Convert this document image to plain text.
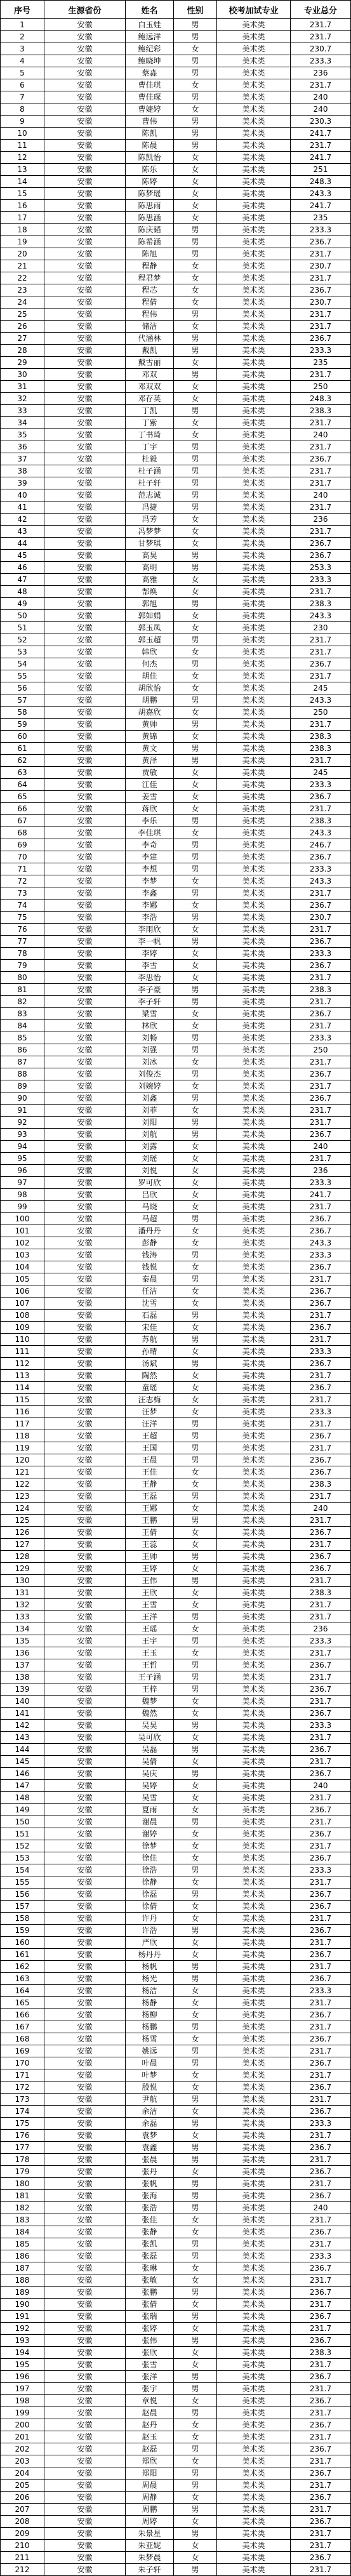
序号	生源省份	姓名	性别	校考加试专业	专业总分
1	安徽	白玉娃	男	美术类	231.7
2	安徽	鲍远洋	男	美术类	231.7
3	安徽	鲍纪彩	女	美术类	230.7
4	安徽	鲍晓坤	男	美术类	233.3
5	安徽	蔡淼	男	美术类	236
6	安徽	曹佳琪	女	美术类	231.7
7	安徽	曹佳琛	男	美术类	240
8	安徽	曹婕婷	女	美术类	240
9	安徽	曹伟	男	美术类	230.3
10	安徽	陈凯	男	美术类	241.7
11	安徽	陈晨	男	美术类	231.7
12	安徽	陈凯怡	女	美术类	241.7
13	安徽	陈乐	女	美术类	251
14	安徽	陈婷	女	美术类	248.3
15	安徽	陈梦瑶	女	美术类	243.3
16	安徽	陈思雨	女	美术类	241.7
17	安徽	陈思涵	女	美术类	235
18	安徽	陈庆韬	男	美术类	233.3
19	安徽	陈希涵	男	美术类	236.7
20	安徽	陈旭	男	美术类	231.7
21	安徽	程静	女	美术类	230.7
22	安徽	程君梦	女	美术类	231.7
23	安徽	程芯	女	美术类	236.7
24	安徽	程倩	女	美术类	230.7
25	安徽	程伟	男	美术类	231.7
26	安徽	储洁	女	美术类	231.7
27	安徽	代涵林	男	美术类	236.7
28	安徽	戴凯	男	美术类	233.3
29	安徽	戴雪丽	女	美术类	235
30	安徽	邓双	男	美术类	231.7
31	安徽	邓双双	女	美术类	250
32	安徽	邓存英	女	美术类	248.3
33	安徽	丁凯	男	美术类	238.3
34	安徽	丁紫	女	美术类	231.7
35	安徽	丁书琦	女	美术类	240
36	安徽	丁宇	男	美术类	231.7
37	安徽	杜毅	男	美术类	236.7
38	安徽	杜子涵	男	美术类	231.7
39	安徽	杜子轩	男	美术类	231.7
40	安徽	范志诚	男	美术类	240
41	安徽	冯捷	男	美术类	231.7
42	安徽	冯芳	女	美术类	236
43	安徽	冯梦梦	女	美术类	231.7
44	安徽	甘梦琪	女	美术类	236.7
45	安徽	高昊	男	美术类	236.7
46	安徽	高明	男	美术类	253.3
47	安徽	高雅	女	美术类	233.3
48	安徽	郜焕	女	美术类	231.7
49	安徽	郭旭	男	美术类	238.3
50	安徽	郭如娟	女	美术类	243.3
51	安徽	郭玉凤	女	美术类	230
52	安徽	郭玉超	男	美术类	231.7
53	安徽	韩欣	女	美术类	231.7
54	安徽	何杰	男	美术类	236.7
55	安徽	胡佳	女	美术类	231.7
56	安徽	胡欣怡	女	美术类	245
57	安徽	胡鹏	男	美术类	243.3
58	安徽	胡嘉欣	女	美术类	250
59	安徽	黄帅	男	美术类	231.7
60	安徽	黄锦	女	美术类	238.3
61	安徽	黄文	男	美术类	238.3
62	安徽	黄泽	男	美术类	231.7
63	安徽	贾敏	女	美术类	245
64	安徽	江佳	女	美术类	233.3
65	安徽	姜雪	女	美术类	236.7
66	安徽	蒋欣	女	美术类	231.7
67	安徽	李乐	男	美术类	238.3
68	安徽	李佳琪	女	美术类	243.3
69	安徽	李奇	男	美术类	246.7
70	安徽	李建	男	美术类	236.7
71	安徽	李想	男	美术类	233.3
72	安徽	李梦	女	美术类	243.3
73	安徽	李鑫	男	美术类	231.7
74	安徽	李娜	女	美术类	236.7
75	安徽	李浩	男	美术类	230.7
76	安徽	李雨欣	女	美术类	231.7
77	安徽	李一帆	男	美术类	236.7
78	安徽	李婷	女	美术类	233.3
79	安徽	李雪	女	美术类	236.7
80	安徽	李思怡	女	美术类	231.7
81	安徽	李子豪	男	美术类	238.3
82	安徽	李子轩	男	美术类	231.7
83	安徽	梁雪	女	美术类	236.7
84	安徽	林欣	女	美术类	231.7
85	安徽	刘畅	男	美术类	233.3
86	安徽	刘强	男	美术类	250
87	安徽	刘冰	女	美术类	231.7
88	安徽	刘俊杰	男	美术类	236.7
89	安徽	刘婉婷	女	美术类	231.7
90	安徽	刘鑫	男	美术类	236.7
91	安徽	刘菲	女	美术类	231.7
92	安徽	刘阳	男	美术类	231.7
93	安徽	刘航	男	美术类	236.7
94	安徽	刘露	女	美术类	240
95	安徽	刘瑶	女	美术类	231.7
96	安徽	刘悦	女	美术类	236
97	安徽	罗可欣	女	美术类	233.3
98	安徽	吕欣	女	美术类	241.7
99	安徽	马晓	女	美术类	231.7
100	安徽	马超	男	美术类	236.7
101	安徽	潘丹丹	女	美术类	236.7
102	安徽	彭静	女	美术类	243.3
103	安徽	钱涛	男	美术类	233.3
104	安徽	钱悦	女	美术类	236.7
105	安徽	秦晨	男	美术类	231.7
106	安徽	任洁	女	美术类	236.7
107	安徽	沈雪	女	美术类	236.7
108	安徽	石磊	男	美术类	231.7
109	安徽	宋佳	女	美术类	236.7
110	安徽	苏航	男	美术类	231.7
111	安徽	孙晴	女	美术类	233.3
112	安徽	汤斌	男	美术类	236.7
113	安徽	陶然	女	美术类	231.7
114	安徽	童瑶	女	美术类	236.7
115	安徽	汪志梅	女	美术类	231.7
116	安徽	汪梦	女	美术类	233.3
117	安徽	汪洋	男	美术类	231.7
118	安徽	王超	男	美术类	236.7
119	安徽	王国	男	美术类	231.7
120	安徽	王晨	男	美术类	236.7
121	安徽	王佳	女	美术类	236.7
122	安徽	王静	女	美术类	238.3
123	安徽	王磊	男	美术类	231.7
124	安徽	王娜	女	美术类	240
125	安徽	王鹏	男	美术类	231.7
126	安徽	王倩	女	美术类	236.7
127	安徽	王蕊	女	美术类	231.7
128	安徽	王帅	男	美术类	236.7
129	安徽	王婷	女	美术类	236.7
130	安徽	王伟	男	美术类	231.7
131	安徽	王欣	女	美术类	238.3
132	安徽	王雪	女	美术类	231.7
133	安徽	王洋	男	美术类	231.7
134	安徽	王瑶	女	美术类	236
135	安徽	王宇	男	美术类	233.3
136	安徽	王玉	女	美术类	231.7
137	安徽	王哲	男	美术类	236.7
138	安徽	王子涵	男	美术类	231.7
139	安徽	王梓	男	美术类	236.7
140	安徽	魏梦	女	美术类	231.7
141	安徽	魏然	女	美术类	236.7
142	安徽	吴昊	男	美术类	233.3
143	安徽	吴可欣	女	美术类	231.7
144	安徽	吴磊	男	美术类	236.7
145	安徽	吴倩	女	美术类	231.7
146	安徽	吴庆	男	美术类	236.7
147	安徽	吴婷	女	美术类	240
148	安徽	吴雪	女	美术类	231.7
149	安徽	夏雨	女	美术类	236.7
150	安徽	谢晨	男	美术类	231.7
151	安徽	谢婷	女	美术类	236.7
152	安徽	徐梦	女	美术类	231.7
153	安徽	徐佳	女	美术类	236.7
154	安徽	徐浩	男	美术类	233.3
155	安徽	徐静	女	美术类	231.7
156	安徽	徐磊	男	美术类	236.7
157	安徽	徐倩	女	美术类	236.7
158	安徽	许丹	女	美术类	231.7
159	安徽	许浩	男	美术类	236.7
160	安徽	严欣	女	美术类	231.7
161	安徽	杨丹丹	女	美术类	236.7
162	安徽	杨帆	男	美术类	231.7
163	安徽	杨光	男	美术类	236.7
164	安徽	杨洁	女	美术类	233.3
165	安徽	杨静	女	美术类	231.7
166	安徽	杨柳	女	美术类	236.7
167	安徽	杨鹏	男	美术类	231.7
168	安徽	杨雪	女	美术类	236.7
169	安徽	姚远	男	美术类	231.7
170	安徽	叶晨	男	美术类	236.7
171	安徽	叶梦	女	美术类	231.7
172	安徽	殷悦	女	美术类	236.7
173	安徽	尹航	男	美术类	231.7
174	安徽	余洁	女	美术类	236.7
175	安徽	余磊	男	美术类	233.3
176	安徽	袁梦	女	美术类	231.7
177	安徽	袁鑫	男	美术类	236.7
178	安徽	张晨	男	美术类	231.7
179	安徽	张丹	女	美术类	236.7
180	安徽	张帆	男	美术类	231.7
181	安徽	张海	男	美术类	236.7
182	安徽	张浩	男	美术类	240
183	安徽	张佳	女	美术类	231.7
184	安徽	张静	女	美术类	236.7
185	安徽	张凯	男	美术类	231.7
186	安徽	张磊	男	美术类	233.3
187	安徽	张琳	女	美术类	236.7
188	安徽	张敏	女	美术类	231.7
189	安徽	张鹏	男	美术类	236.7
190	安徽	张倩	女	美术类	231.7
191	安徽	张瑞	男	美术类	236.7
192	安徽	张婷	女	美术类	231.7
193	安徽	张伟	男	美术类	236.7
194	安徽	张欣	女	美术类	238.3
195	安徽	张雪	女	美术类	231.7
196	安徽	张洋	男	美术类	236.7
197	安徽	张宇	男	美术类	231.7
198	安徽	章悦	女	美术类	236.7
199	安徽	赵晨	男	美术类	231.7
200	安徽	赵丹	女	美术类	236.7
201	安徽	赵玉	女	美术类	231.7
202	安徽	赵磊	男	美术类	236.7
203	安徽	郑欣	女	美术类	231.7
204	安徽	郑阳	男	美术类	236.7
205	安徽	周晨	男	美术类	231.7
206	安徽	周静	女	美术类	236.7
207	安徽	周鹏	男	美术类	231.7
208	安徽	周婷	女	美术类	236.7
209	安徽	朱景星	男	美术类	231.7
210	安徽	朱亚妮	女	美术类	231.7
211	安徽	朱梦晨	女	美术类	236.7
212	安徽	朱子轩	男	美术类	231.7
